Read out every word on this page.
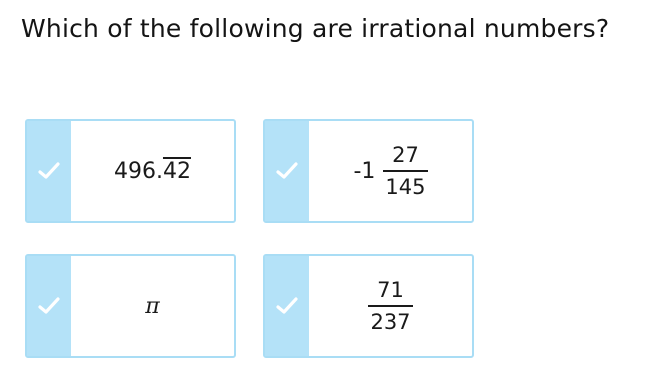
Which of the following are irrational numbers?
496. 42	$-1 \frac{27}{145}$
π	$\frac{71}{237}$
